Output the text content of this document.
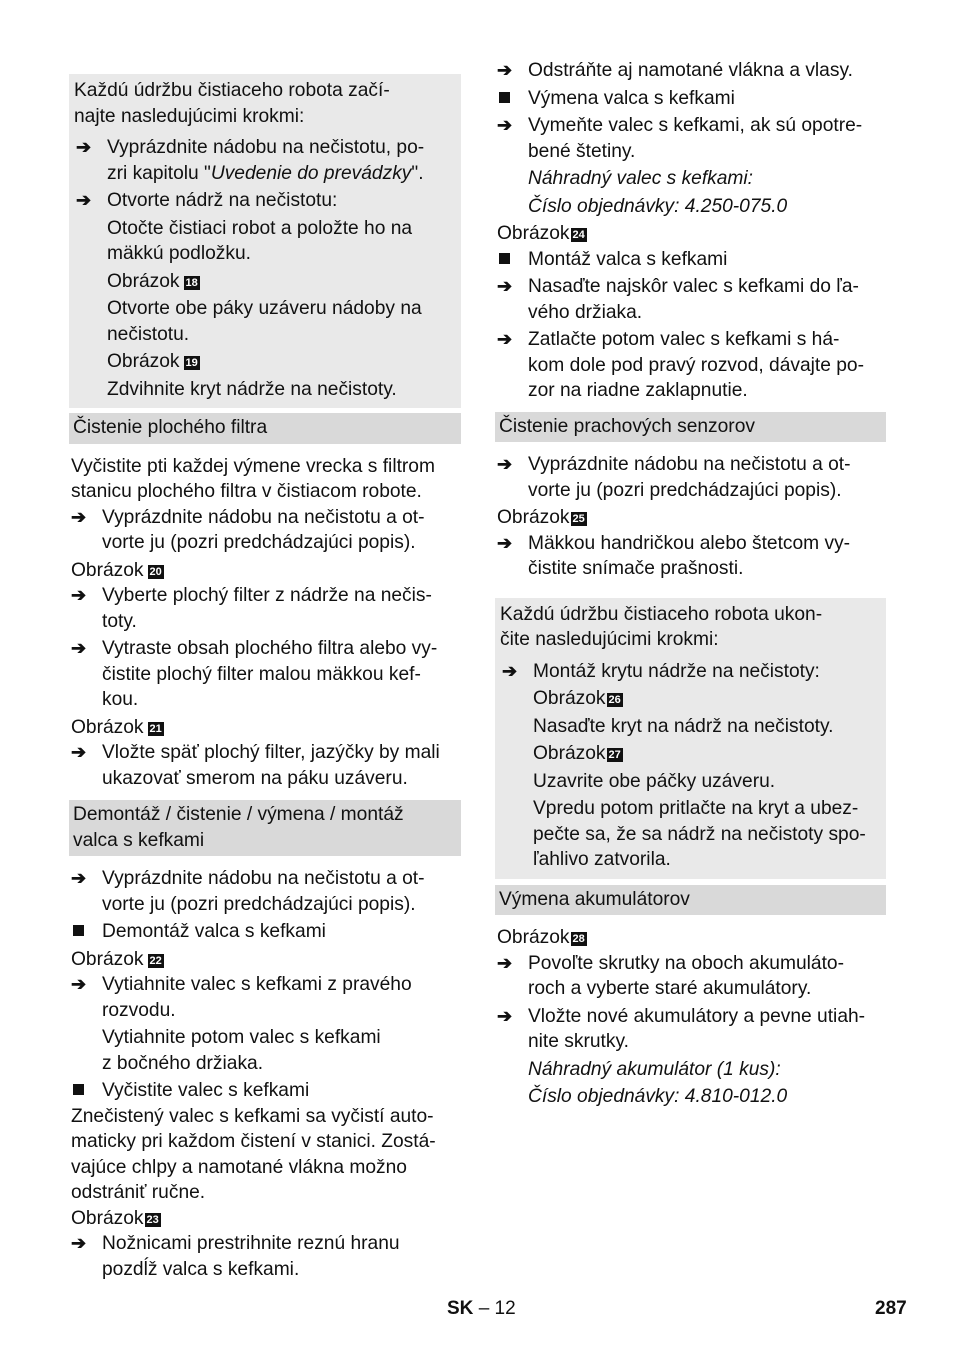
Každú údržbu čistiaceho robota začí-
najte nasledujúcimi krokmi:
➔ Vyprázdnite nádobu na nečistotu, po-
zri kapitolu "Uvedenie do prevádzky".
➔ Otvorte nádrž na nečistotu:
Otočte čistiaci robot a položte ho na
mäkkú podložku.
Obrázok 18
Otvorte obe páky uzáveru nádoby na
nečistotu.
Obrázok 19
Zdvihnite kryt nádrže na nečistoty.
Čistenie plochého filtra
Vyčistite pti každej výmene vrecka s filtrom
stanicu plochého filtra v čistiacom robote.
➔ Vyprázdnite nádobu na nečistotu a ot-
vorte ju (pozri predchádzajúci popis).
Obrázok 20
➔ Vyberte plochý filter z nádrže na nečis-
toty.
➔ Vytraste obsah plochého filtra alebo vy-
čistite plochý filter malou mäkkou kef-
kou.
Obrázok 21
➔ Vložte späť plochý filter, jazýčky by mali
ukazovať smerom na páku uzáveru.
Demontáž / čistenie / výmena / montáž
valca s kefkami
➔ Vyprázdnite nádobu na nečistotu a ot-
vorte ju (pozri predchádzajúci popis).
Demontáž valca s kefkami
Obrázok 22
➔ Vytiahnite valec s kefkami z pravého
rozvodu.
Vytiahnite potom valec s kefkami
z bočného držiaka.
Vyčistite valec s kefkami
Znečistený valec s kefkami sa vyčistí auto-
maticky pri každom čistení v stanici. Zostá-
vajúce chlpy a namotané vlákna možno
odstrániť ručne.
Obrázok 23
➔ Nožnicami prestrihnite reznú hranu
pozdĺž valca s kefkami.
➔ Odstráňte aj namotané vlákna a vlasy.
Výmena valca s kefkami
➔ Vymeňte valec s kefkami, ak sú opotre-
bené štetiny.
Náhradný valec s kefkami:
Číslo objednávky: 4.250-075.0
Obrázok 24
Montáž valca s kefkami
➔ Nasaďte najskôr valec s kefkami do ľa-
vého držiaka.
➔ Zatlačte potom valec s kefkami s há-
kom dole pod pravý rozvod, dávajte po-
zor na riadne zaklapnutie.
Čistenie prachových senzorov
➔ Vyprázdnite nádobu na nečistotu a ot-
vorte ju (pozri predchádzajúci popis).
Obrázok 25
➔ Mäkkou handričkou alebo štetcom vy-
čistite snímače prašnosti.
Každú údržbu čistiaceho robota ukon-
čite nasledujúcimi krokmi:
➔ Montáž krytu nádrže na nečistoty:
Obrázok 26
Nasaďte kryt na nádrž na nečistoty.
Obrázok 27
Uzavrite obe páčky uzáveru.
Vpredu potom pritlačte na kryt a ubez-
pečte sa, že sa nádrž na nečistoty spo-
ľahlivo zatvorila.
Výmena akumulátorov
Obrázok 28
➔ Povoľte skrutky na oboch akumuláto-
roch a vyberte staré akumulátory.
➔ Vložte nové akumulátory a pevne utiah-
nite skrutky.
Náhradný akumulátor (1 kus):
Číslo objednávky: 4.810-012.0
SK – 12	287
